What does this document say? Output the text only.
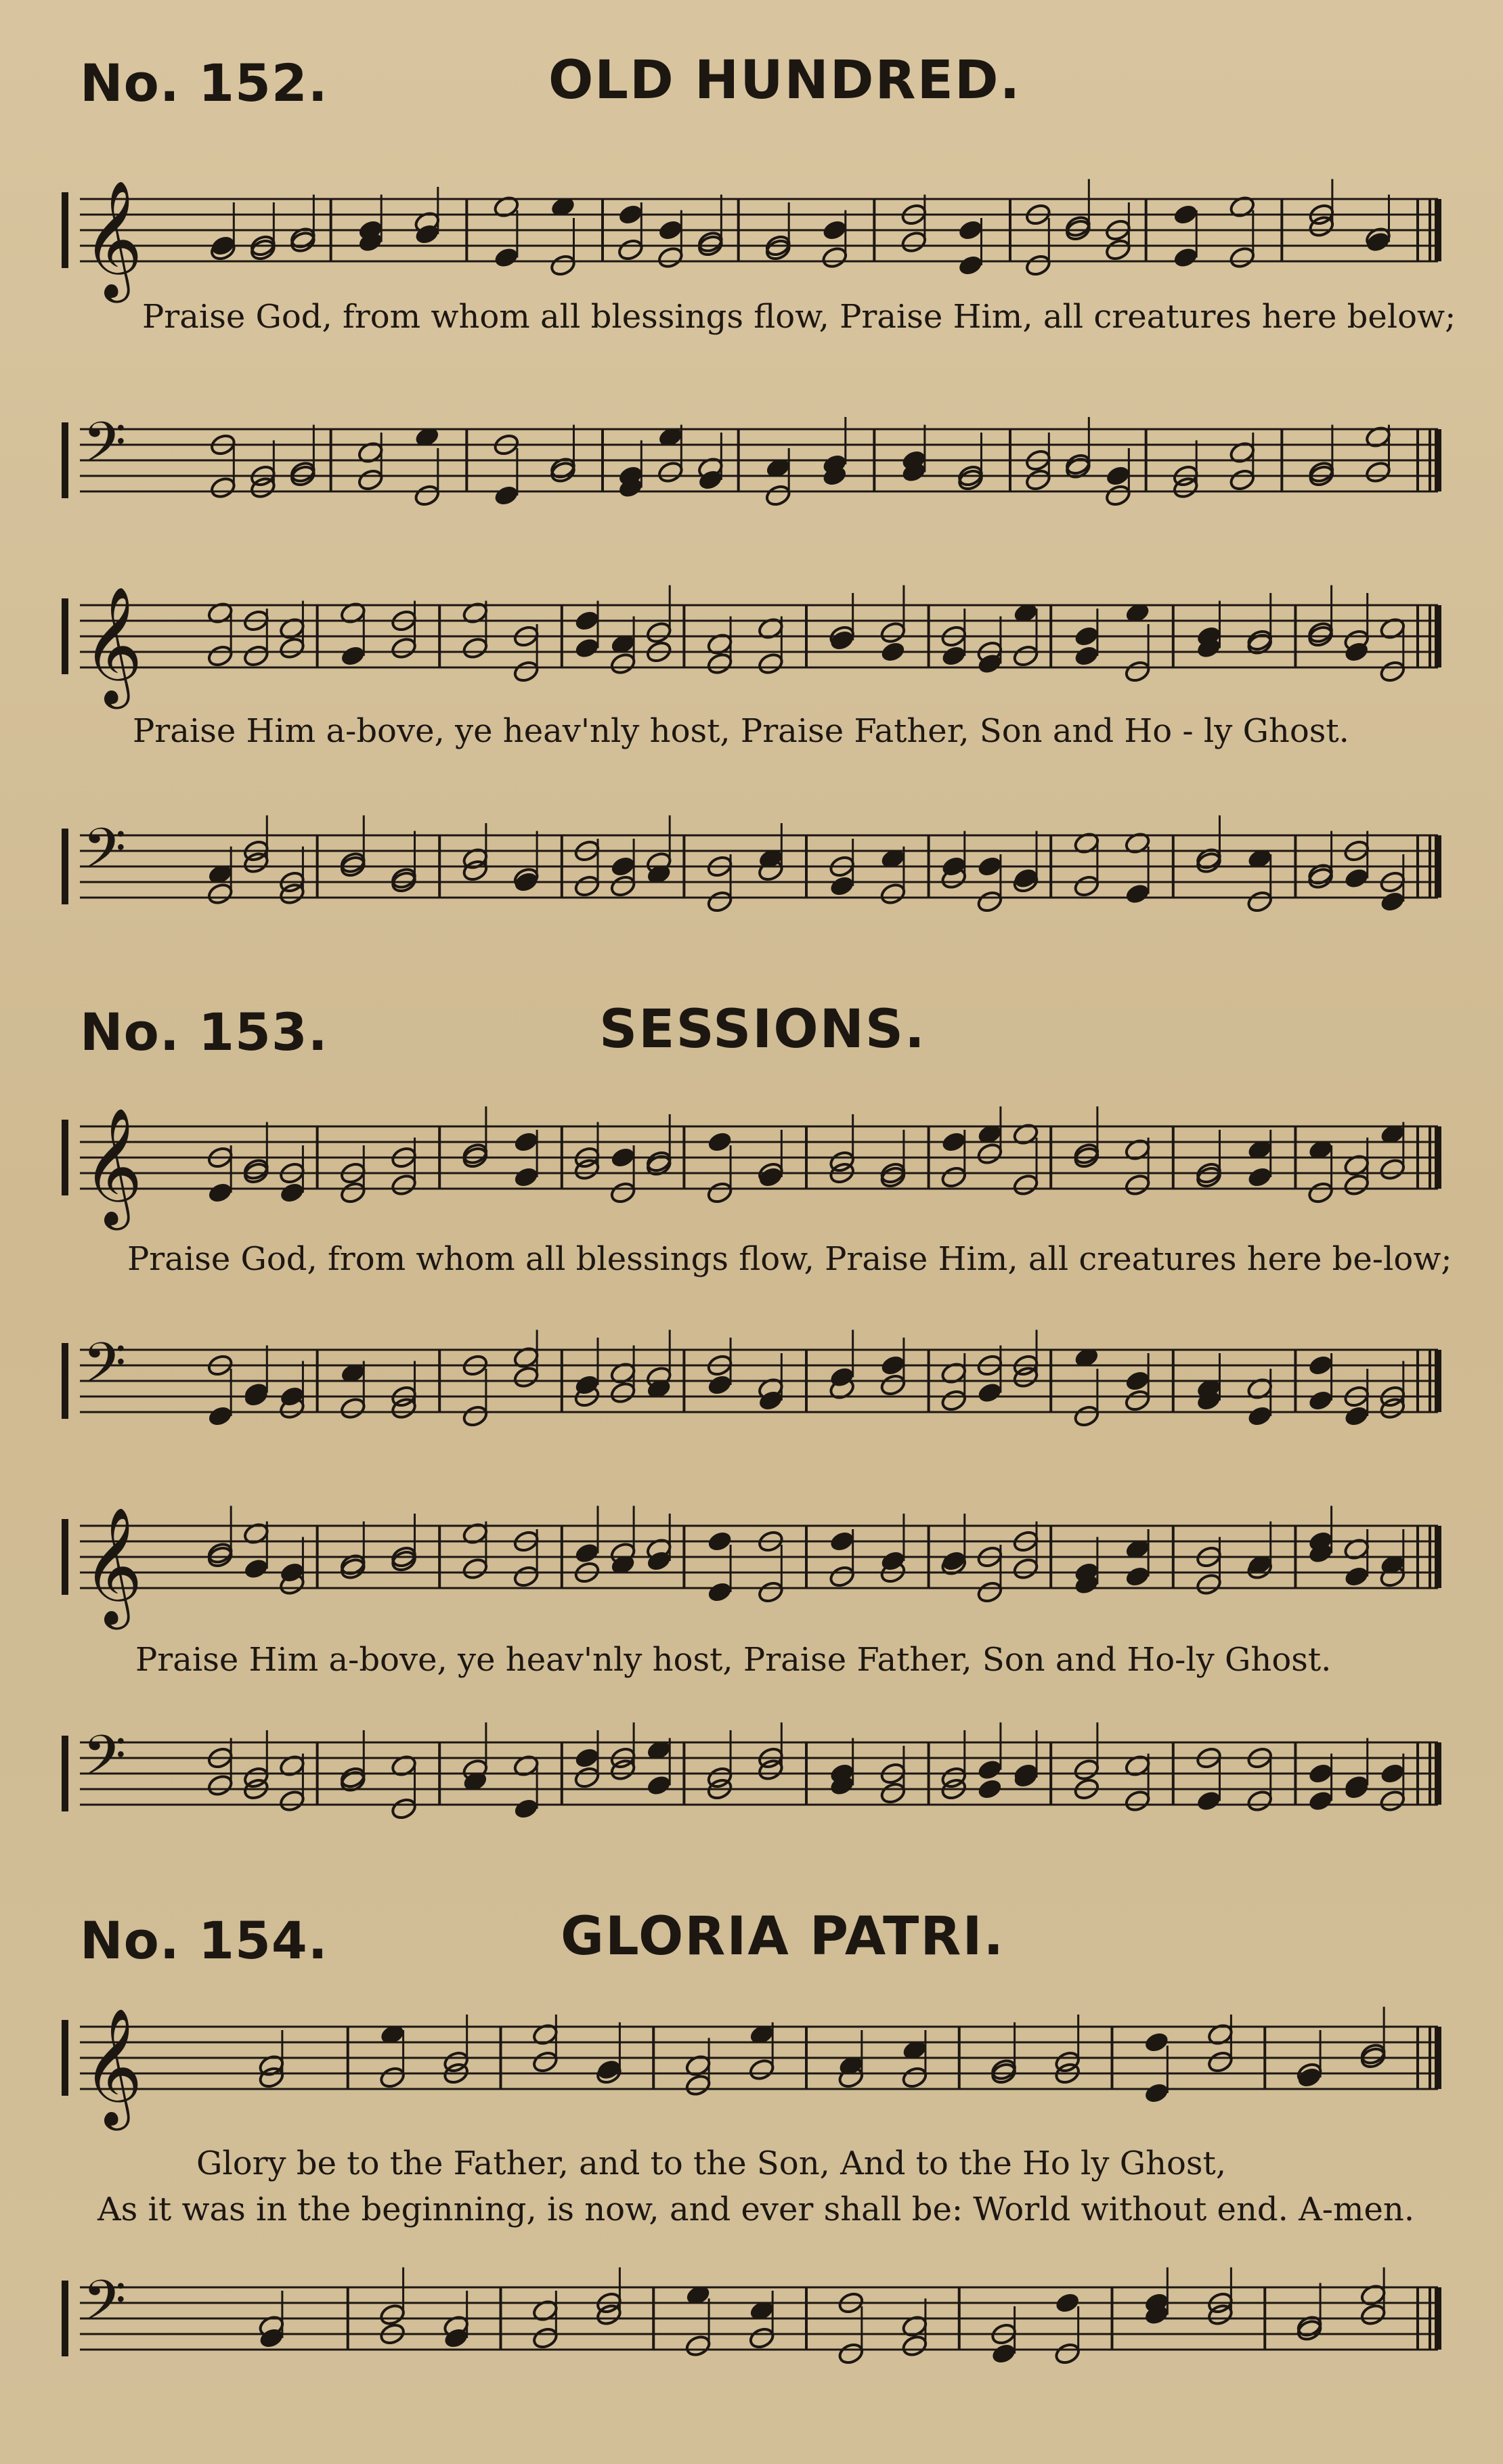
No. 152.	OLD HUNDRED.
𝄞
Praise God, from whom all blessings flow, Praise Him, all creatures here below;
𝄢
𝄞
Praise Him a-bove, ye heav'nly host, Praise Father, Son and Ho - ly Ghost.
𝄢
No. 153.	SESSIONS.
𝄞
Praise God, from whom all blessings flow, Praise Him, all creatures here be-low;
𝄢
𝄞
Praise Him a-bove, ye heav'nly host, Praise Father, Son and Ho-ly Ghost.
𝄢
No. 154.	GLORIA PATRI.
𝄞
Glory be to the Father, and to the Son, And to the Ho ly Ghost,
As it was in the beginning, is now, and ever shall be: World without end. A-men.
𝄢
